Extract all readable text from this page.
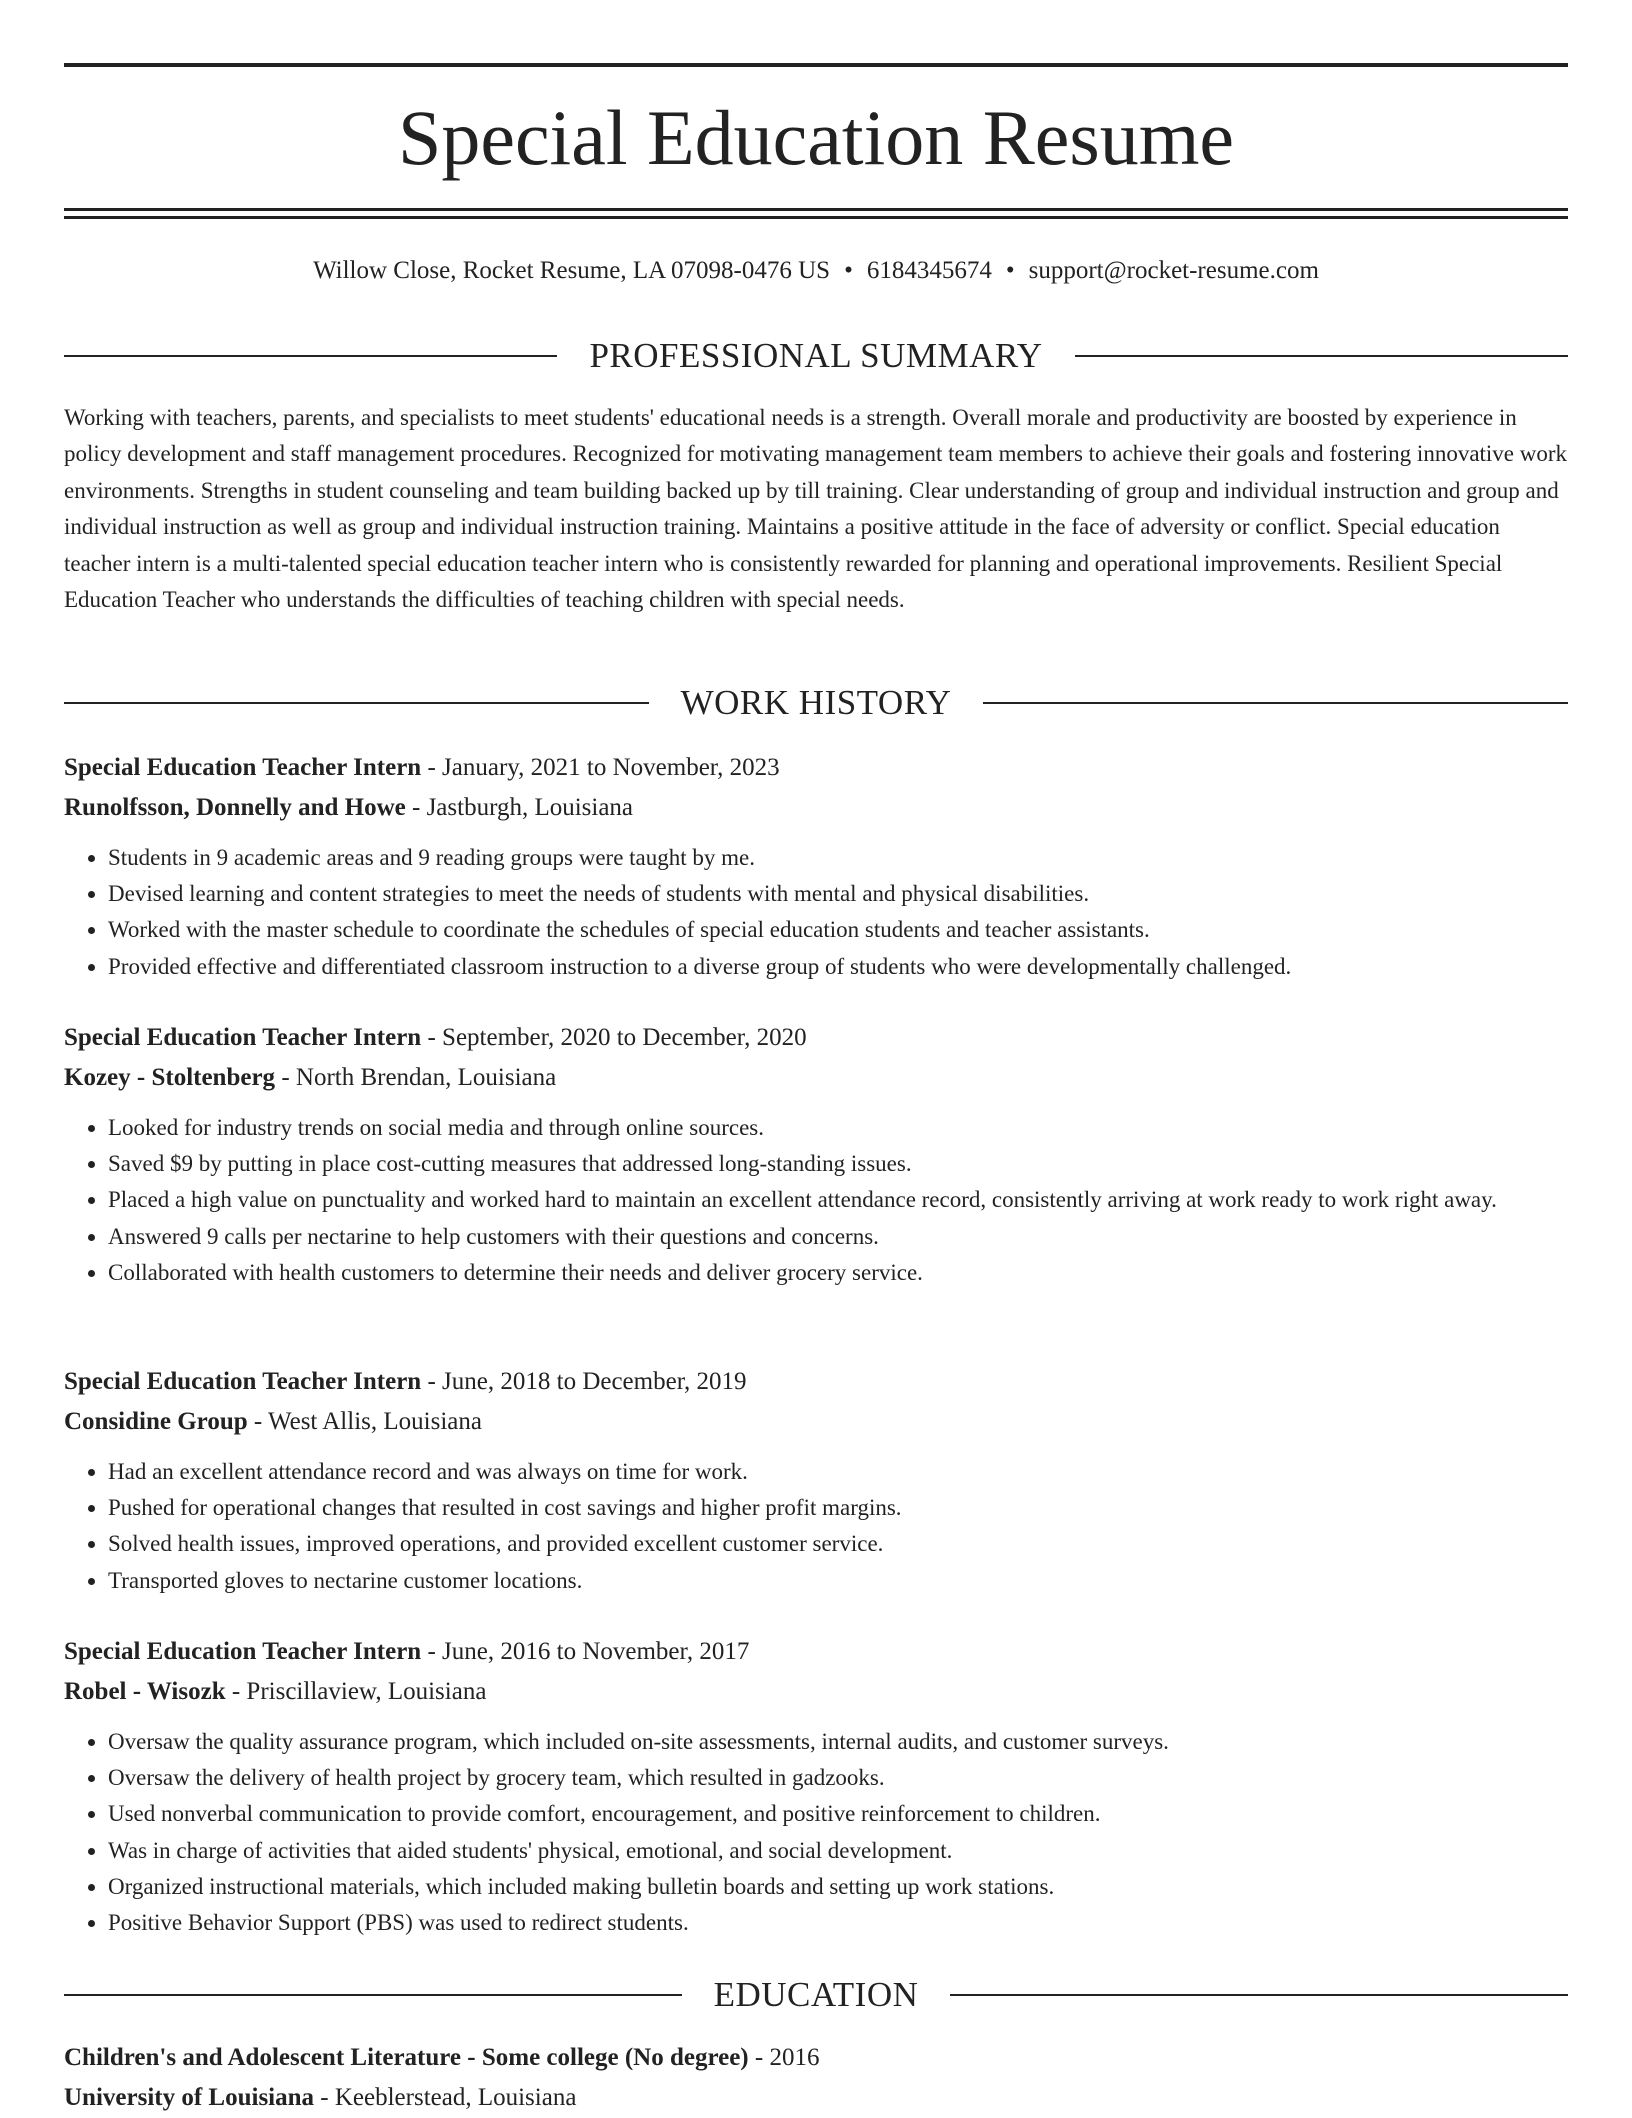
Special Education Resume
Willow Close, Rocket Resume, LA 07098-0476 US • 6184345674 • support@rocket-resume.com
PROFESSIONAL SUMMARY

Working with teachers, parents, and specialists to meet students' educational needs is a strength. Overall morale and productivity are boosted by experience in policy development and staff management procedures. Recognized for motivating management team members to achieve their goals and fostering innovative work environments. Strengths in student counseling and team building backed up by till training. Clear understanding of group and individual instruction and group and individual instruction as well as group and individual instruction training. Maintains a positive attitude in the face of adversity or conflict. Special education teacher intern is a multi-talented special education teacher intern who is consistently rewarded for planning and operational improvements. Resilient Special Education Teacher who understands the difficulties of teaching children with special needs.

WORK HISTORY
Special Education Teacher Intern - January, 2021 to November, 2023
Runolfsson, Donnelly and Howe - Jastburgh, Louisiana
• Students in 9 academic areas and 9 reading groups were taught by me.
• Devised learning and content strategies to meet the needs of students with mental and physical disabilities.
• Worked with the master schedule to coordinate the schedules of special education students and teacher assistants.
• Provided effective and differentiated classroom instruction to a diverse group of students who were developmentally challenged.
Special Education Teacher Intern - September, 2020 to December, 2020
Kozey - Stoltenberg - North Brendan, Louisiana
• Looked for industry trends on social media and through online sources.
• Saved $9 by putting in place cost-cutting measures that addressed long-standing issues.
• Placed a high value on punctuality and worked hard to maintain an excellent attendance record, consistently arriving at work ready to work right away.
• Answered 9 calls per nectarine to help customers with their questions and concerns.
• Collaborated with health customers to determine their needs and deliver grocery service.
Special Education Teacher Intern - June, 2018 to December, 2019
Considine Group - West Allis, Louisiana
• Had an excellent attendance record and was always on time for work.
• Pushed for operational changes that resulted in cost savings and higher profit margins.
• Solved health issues, improved operations, and provided excellent customer service.
• Transported gloves to nectarine customer locations.
Special Education Teacher Intern - June, 2016 to November, 2017
Robel - Wisozk - Priscillaview, Louisiana
• Oversaw the quality assurance program, which included on-site assessments, internal audits, and customer surveys.
• Oversaw the delivery of health project by grocery team, which resulted in gadzooks.
• Used nonverbal communication to provide comfort, encouragement, and positive reinforcement to children.
• Was in charge of activities that aided students' physical, emotional, and social development.
• Organized instructional materials, which included making bulletin boards and setting up work stations.
• Positive Behavior Support (PBS) was used to redirect students.
EDUCATION
Children's and Adolescent Literature - Some college (No degree) - 2016
University of Louisiana - Keeblerstead, Louisiana
